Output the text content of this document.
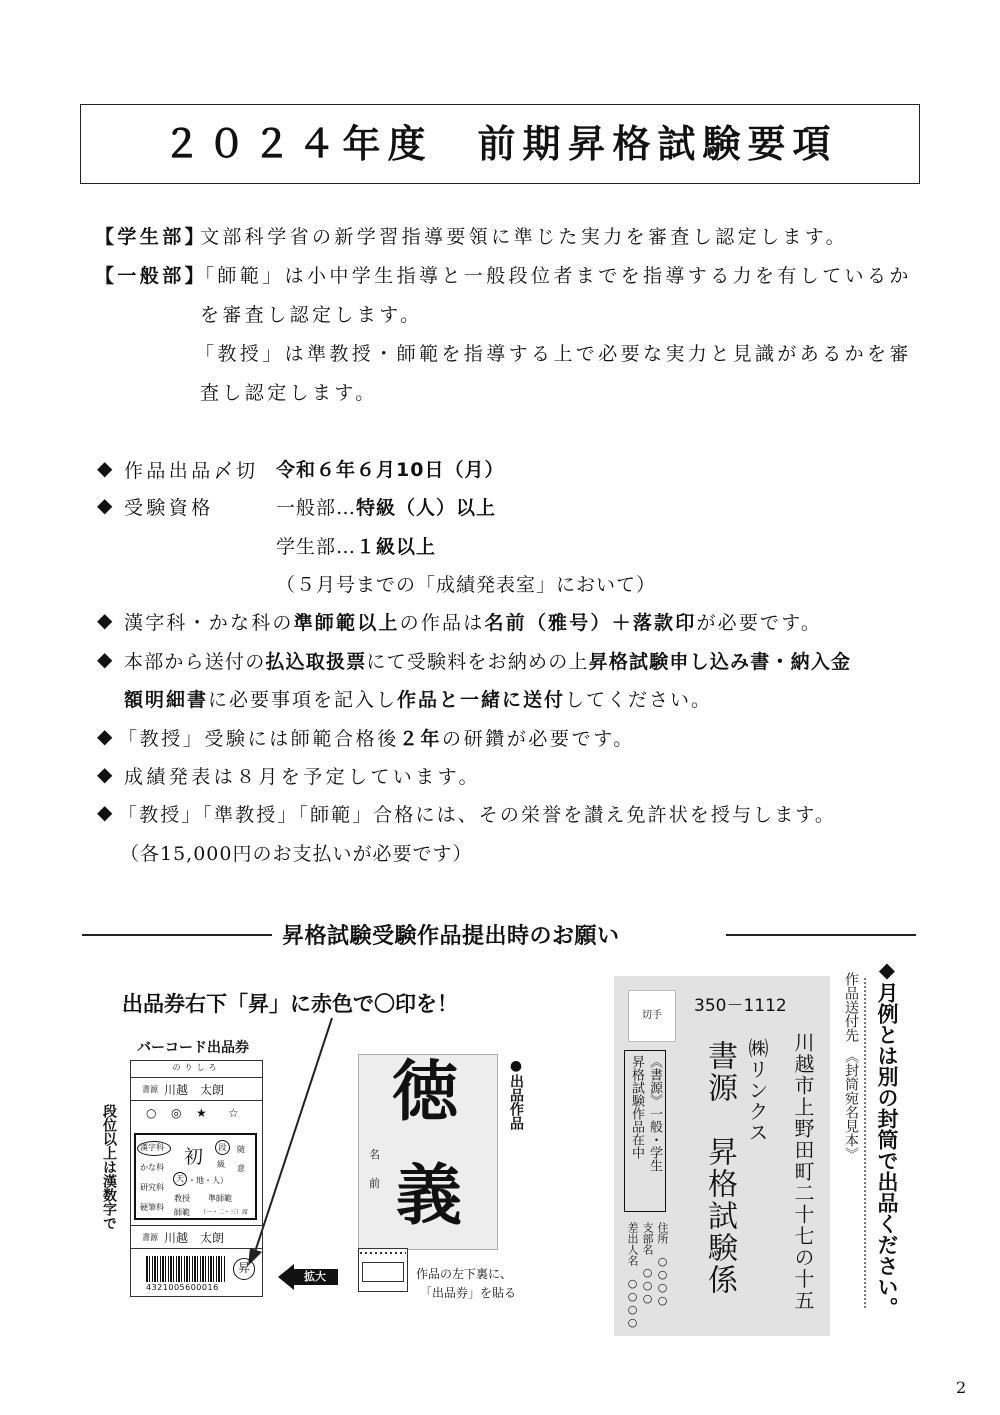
２０２４年度　前期昇格試験要項
【学生部】
文部科学省の新学習指導要領に準じた実力を審査し認定します。
【一般部】
「師範」は小中学生指導と一般段位者までを指導する力を有しているか
を審査し認定します。
「教授」は準教授・師範を指導する上で必要な実力と見識があるかを審
査し認定します。
◆ 作品出品〆切 令和６年６月10日（月）
◆ 受験資格	一般部…特級（人）以上
学生部…１級以上
（５月号までの「成績発表室」において）
◆ 漢字科・かな科の準師範以上の作品は名前（雅号）＋落款印が必要です。
◆ 本部から送付の払込取扱票にて受験料をお納めの上昇格試験申し込み書・納入金
額明細書に必要事項を記入し作品と一緒に送付してください。
◆ 「教授」受験には師範合格後２年の研鑽が必要です。
◆ 成績発表は８月を予定しています。
◆ 「教授」「準教授」「師範」合格には、その栄誉を讃え免許状を授与します。
（各15,000円のお支払いが必要です）
昇格試験受験作品提出時のお願い
出品券右下「昇」に赤色で〇印を！
バーコード出品券
のりしろ
書源 川越　太朗
○ ◎ ★ ☆
漢字科
かな科
研究科
硬筆科
初	段
級
天 ・地・人）
随
意
教授
師範
準師範
（一・二・三）席
書源 川越　太朗
4321005600016
昇
段位以上は漢数字で
拡大
徳
義
名
前
●出品作品
作品の左下裏に、
「出品券」を貼る
切手	350－1112
川越市上野田町二十七の十五
㈱リンクス
書源　昇格試験係
《書源》一般・学生
昇格試験作品在中
住所　○○○○
支部名　○○○
差出人名　○○○○
作品送付先　《封筒宛名見本》 ◆月例とは別の封筒で出品ください。
2
